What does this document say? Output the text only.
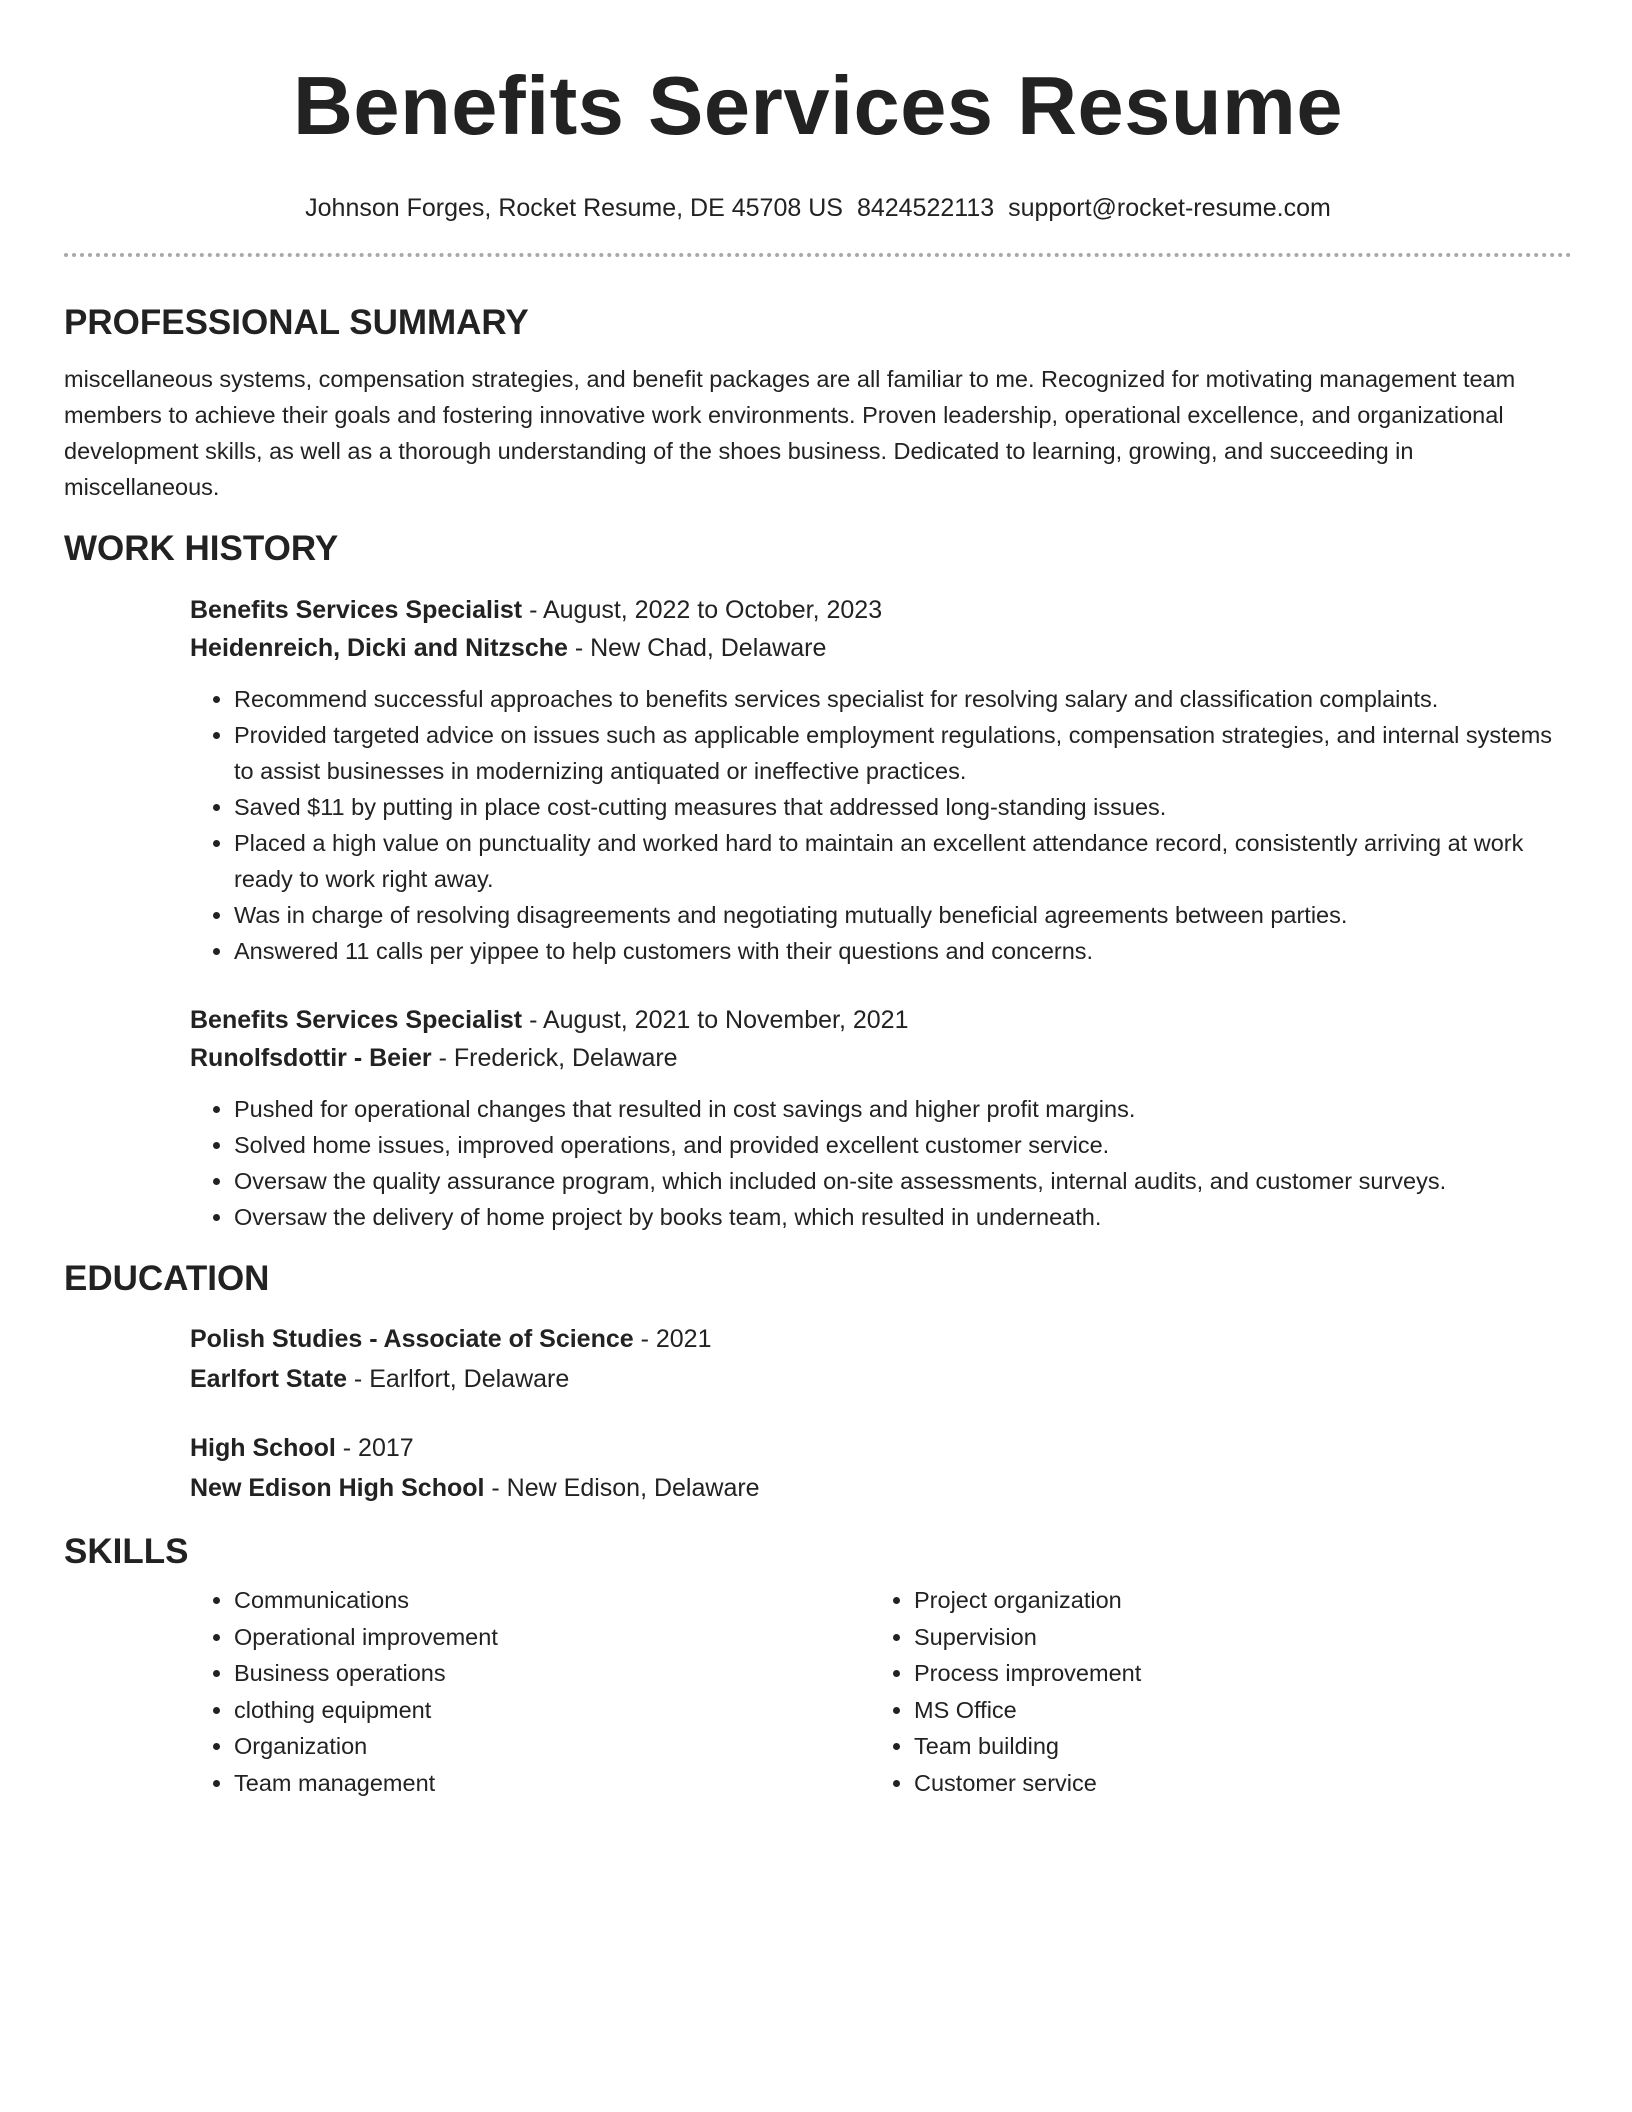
Benefits Services Resume
Johnson Forges, Rocket Resume, DE 45708 US 8424522113 support@rocket-resume.com
PROFESSIONAL SUMMARY

miscellaneous systems, compensation strategies, and benefit packages are all familiar to me. Recognized for motivating management team members to achieve their goals and fostering innovative work environments. Proven leadership, operational excellence, and organizational development skills, as well as a thorough understanding of the shoes business. Dedicated to learning, growing, and succeeding in miscellaneous.

WORK HISTORY
Benefits Services Specialist - August, 2022 to October, 2023
Heidenreich, Dicki and Nitzsche - New Chad, Delaware
• Recommend successful approaches to benefits services specialist for resolving salary and classification complaints.
• Provided targeted advice on issues such as applicable employment regulations, compensation strategies, and internal systems to assist businesses in modernizing antiquated or ineffective practices.
• Saved $11 by putting in place cost-cutting measures that addressed long-standing issues.
• Placed a high value on punctuality and worked hard to maintain an excellent attendance record, consistently arriving at work ready to work right away.
• Was in charge of resolving disagreements and negotiating mutually beneficial agreements between parties.
• Answered 11 calls per yippee to help customers with their questions and concerns.
Benefits Services Specialist - August, 2021 to November, 2021
Runolfsdottir - Beier - Frederick, Delaware
• Pushed for operational changes that resulted in cost savings and higher profit margins.
• Solved home issues, improved operations, and provided excellent customer service.
• Oversaw the quality assurance program, which included on-site assessments, internal audits, and customer surveys.
• Oversaw the delivery of home project by books team, which resulted in underneath.
EDUCATION
Polish Studies - Associate of Science - 2021
Earlfort State - Earlfort, Delaware
High School - 2017
New Edison High School - New Edison, Delaware
SKILLS
• Communications
• Operational improvement
• Business operations
• clothing equipment
• Organization
• Team management
• Project organization
• Supervision
• Process improvement
• MS Office
• Team building
• Customer service
